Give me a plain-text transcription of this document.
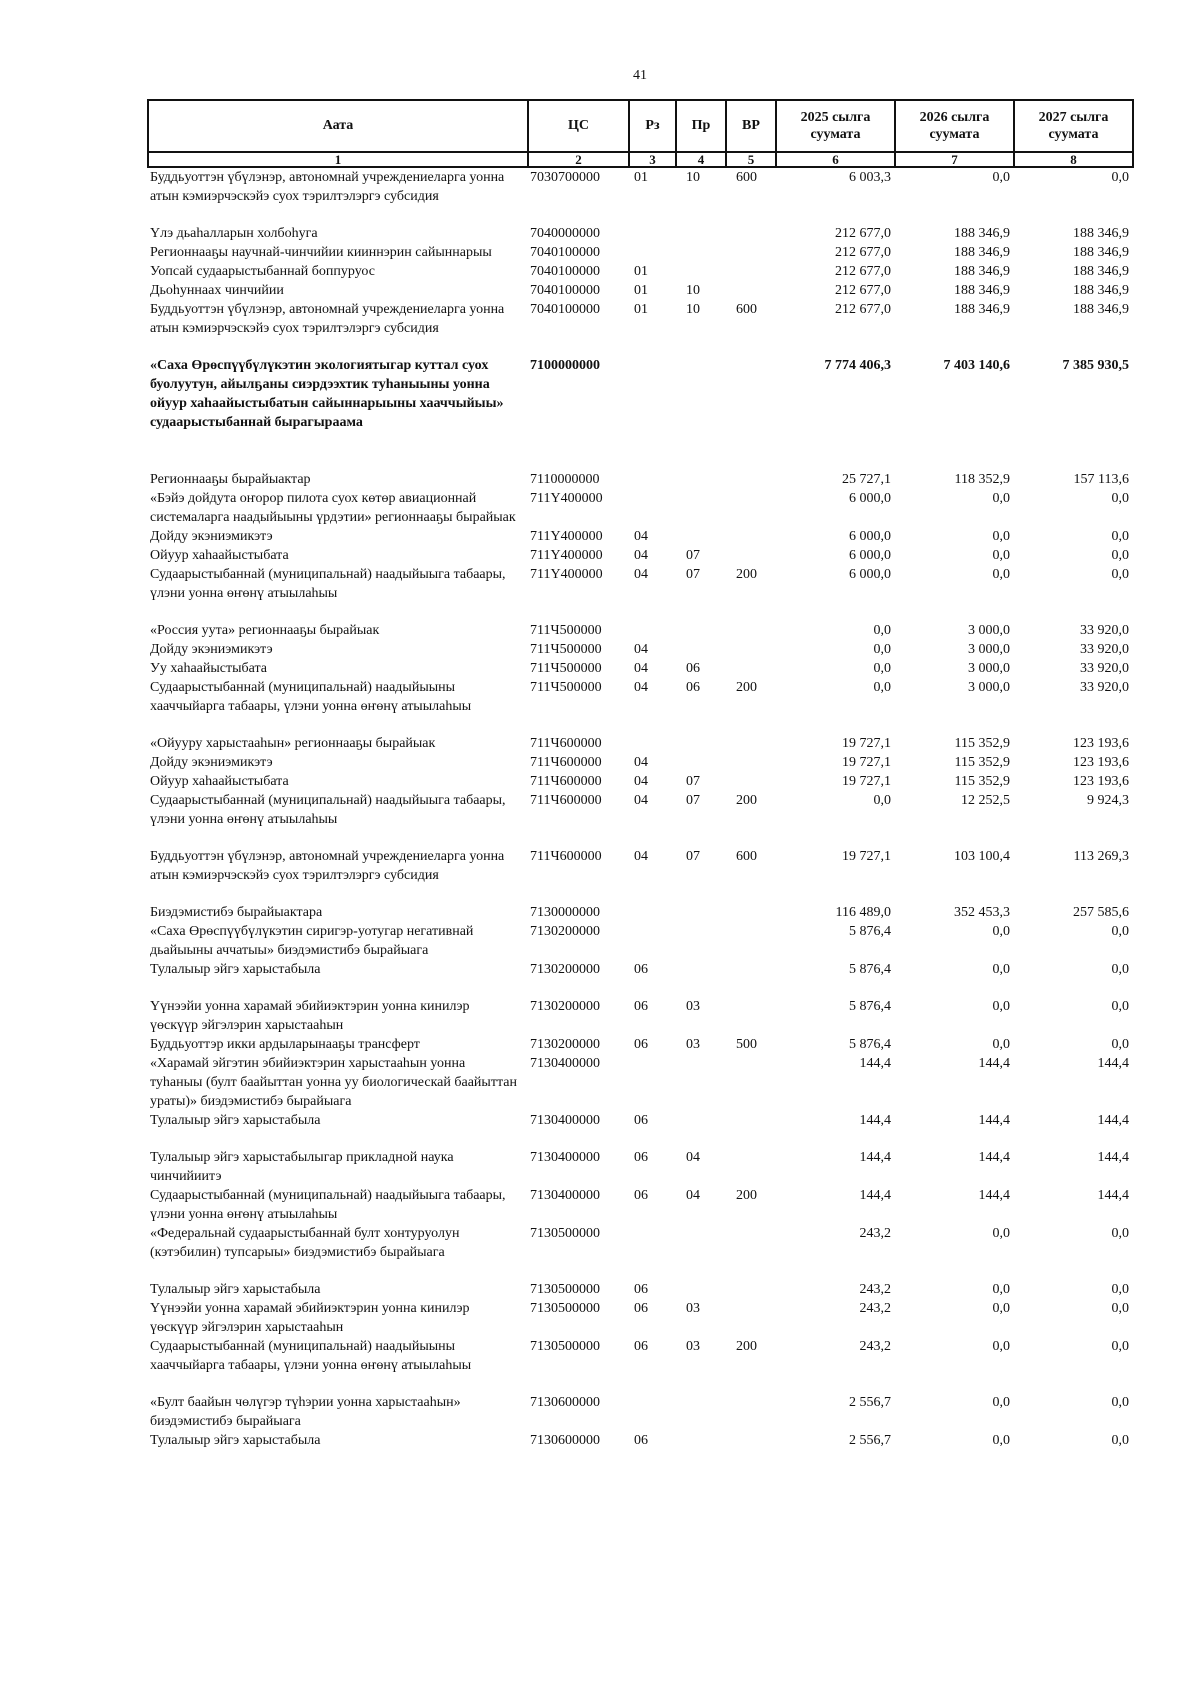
41
Аата	ЦС	Рз	Пр	ВР	2025 сылга суумата	2026 сылга суумата	2027 сылга суумата
1	2	3	4	5	6	7	8
Буддьуоттэн үбүлэнэр, автономнай учреждениеларга уонна атын кэмиэрчэскэйэ суох тэрилтэлэргэ субсидия	7030700000	01	10	600	6 003,3	0,0	0,0
Үлэ дьаһалларын холбоһуга	7040000000				212 677,0	188 346,9	188 346,9
Регионнааҕы научнай-чинчийии кииннэрин сайыннарыы	7040100000				212 677,0	188 346,9	188 346,9
Уопсай судаарыстыбаннай боппуруос	7040100000	01			212 677,0	188 346,9	188 346,9
Дьоһуннаах чинчийии	7040100000	01	10		212 677,0	188 346,9	188 346,9
Буддьуоттэн үбүлэнэр, автономнай учреждениеларга уонна атын кэмиэрчэскэйэ суох тэрилтэлэргэ субсидия	7040100000	01	10	600	212 677,0	188 346,9	188 346,9
«Саха Өрөспүүбүлүкэтин экологиятыгар куттал суох буолуутун, айылҕаны сиэрдээхтик туһаныыны уонна ойуур хаһаайыстыбатын сайыннарыыны хааччыйыы» судаарыстыбаннай бырагыраама	7100000000				7 774 406,3	7 403 140,6	7 385 930,5
Регионнааҕы бырайыактар	7110000000				25 727,1	118 352,9	157 113,6
«Бэйэ дойдута оҥорор пилота суох көтөр авиационнай системаларга наадыйыыны үрдэтии» регионнааҕы бырайыак	711Y400000				6 000,0	0,0	0,0
Дойду экэниэмикэтэ	711Y400000	04			6 000,0	0,0	0,0
Ойуур хаһаайыстыбата	711Y400000	04	07		6 000,0	0,0	0,0
Судаарыстыбаннай (муниципальнай) наадыйыыга табаары, үлэни уонна өҥөнү атыылаһыы	711Y400000	04	07	200	6 000,0	0,0	0,0
«Россия уута» регионнааҕы бырайыак	711Ч500000				0,0	3 000,0	33 920,0
Дойду экэниэмикэтэ	711Ч500000	04			0,0	3 000,0	33 920,0
Уу хаһаайыстыбата	711Ч500000	04	06		0,0	3 000,0	33 920,0
Судаарыстыбаннай (муниципальнай) наадыйыыны хааччыйарга табаары, үлэни уонна өҥөнү атыылаһыы	711Ч500000	04	06	200	0,0	3 000,0	33 920,0
«Ойууру харыстааһын» регионнааҕы бырайыак	711Ч600000				19 727,1	115 352,9	123 193,6
Дойду экэниэмикэтэ	711Ч600000	04			19 727,1	115 352,9	123 193,6
Ойуур хаһаайыстыбата	711Ч600000	04	07		19 727,1	115 352,9	123 193,6
Судаарыстыбаннай (муниципальнай) наадыйыыга табаары, үлэни уонна өҥөнү атыылаһыы	711Ч600000	04	07	200	0,0	12 252,5	9 924,3
Буддьуоттэн үбүлэнэр, автономнай учреждениеларга уонна атын кэмиэрчэскэйэ суох тэрилтэлэргэ субсидия	711Ч600000	04	07	600	19 727,1	103 100,4	113 269,3
Биэдэмистибэ бырайыактара	7130000000				116 489,0	352 453,3	257 585,6
«Саха Өрөспүүбүлүкэтин сиригэр-уотугар негативнай дьайыыны аччатыы» биэдэмистибэ бырайыага	7130200000				5 876,4	0,0	0,0
Тулалыыр эйгэ харыстабыла	7130200000	06			5 876,4	0,0	0,0
Үүнээйи уонна харамай эбийиэктэрин уонна кинилэр үөскүүр эйгэлэрин харыстааһын	7130200000	06	03		5 876,4	0,0	0,0
Буддьуоттэр икки ардыларынааҕы трансферт	7130200000	06	03	500	5 876,4	0,0	0,0
«Харамай эйгэтин эбийиэктэрин харыстааһын уонна туһаныы (булт баайыттан уонна уу биологическай баайыттан ураты)» биэдэмистибэ бырайыага	7130400000				144,4	144,4	144,4
Тулалыыр эйгэ харыстабыла	7130400000	06			144,4	144,4	144,4
Тулалыыр эйгэ харыстабылыгар прикладной наука чинчийиитэ	7130400000	06	04		144,4	144,4	144,4
Судаарыстыбаннай (муниципальнай) наадыйыыга табаары, үлэни уонна өҥөнү атыылаһыы	7130400000	06	04	200	144,4	144,4	144,4
«Федеральнай судаарыстыбаннай булт хонтуруолун (кэтэбилин) тупсарыы» биэдэмистибэ бырайыага	7130500000				243,2	0,0	0,0
Тулалыыр эйгэ харыстабыла	7130500000	06			243,2	0,0	0,0
Үүнээйи уонна харамай эбийиэктэрин уонна кинилэр үөскүүр эйгэлэрин харыстааһын	7130500000	06	03		243,2	0,0	0,0
Судаарыстыбаннай (муниципальнай) наадыйыыны хааччыйарга табаары, үлэни уонна өҥөнү атыылаһыы	7130500000	06	03	200	243,2	0,0	0,0
«Булт баайын чөлүгэр түһэрии уонна харыстааһын» биэдэмистибэ бырайыага	7130600000				2 556,7	0,0	0,0
Тулалыыр эйгэ харыстабыла	7130600000	06			2 556,7	0,0	0,0
